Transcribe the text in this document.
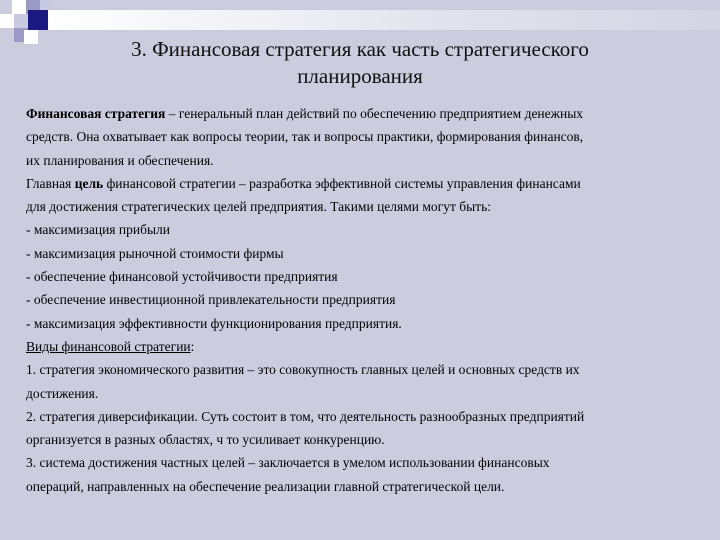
3. Финансовая стратегия как часть стратегического
планирования
Финансовая стратегия – генеральный план действий по обеспечению предприятием денежных
средств. Она охватывает как вопросы теории, так и вопросы практики, формирования финансов,
их планирования и обеспечения.
Главная цель финансовой стратегии – разработка эффективной системы управления финансами
для достижения стратегических целей предприятия. Такими целями могут быть:
- максимизация прибыли
- максимизация рыночной стоимости фирмы
- обеспечение финансовой устойчивости предприятия
- обеспечение инвестиционной привлекательности предприятия
- максимизация эффективности функционирования предприятия.
Виды финансовой стратегии:
1. стратегия экономического развития – это совокупность главных целей и основных средств их
достижения.
2. стратегия диверсификации. Суть состоит в том, что деятельность разнообразных предприятий
организуется в разных областях, ч то усиливает конкуренцию.
3. система достижения частных целей – заключается в умелом использовании финансовых
операций, направленных на обеспечение реализации главной стратегической цели.
